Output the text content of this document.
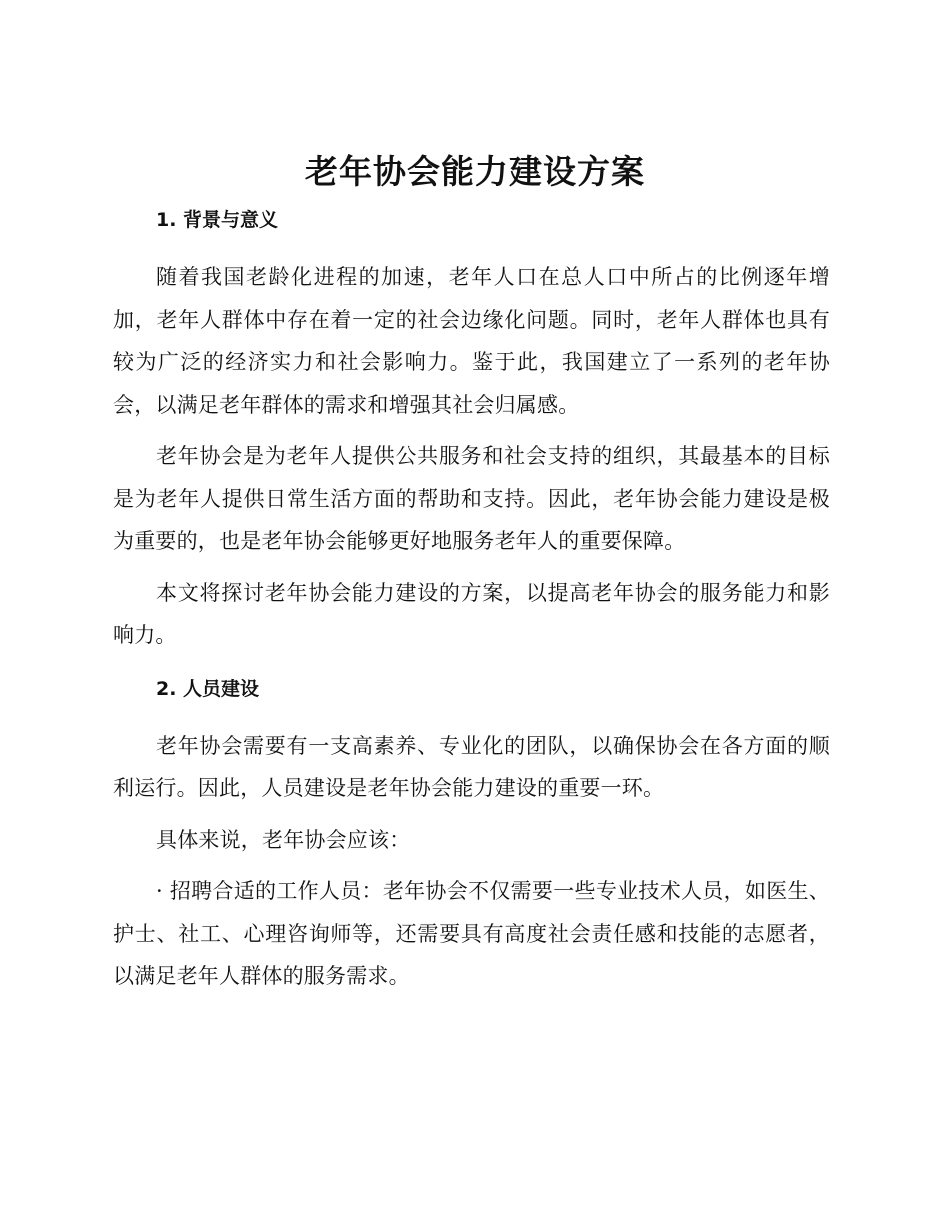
老年协会能力建设方案
1. 背景与意义

随着我国老龄化进程的加速，老年人口在总人口中所占的比例逐年增加，老年人群体中存在着一定的社会边缘化问题。同时，老年人群体也具有较为广泛的经济实力和社会影响力。鉴于此，我国建立了一系列的老年协会，以满足老年群体的需求和增强其社会归属感。

老年协会是为老年人提供公共服务和社会支持的组织，其最基本的目标是为老年人提供日常生活方面的帮助和支持。因此，老年协会能力建设是极为重要的，也是老年协会能够更好地服务老年人的重要保障。

本文将探讨老年协会能力建设的方案，以提高老年协会的服务能力和影响力。

2. 人员建设

老年协会需要有一支高素养、专业化的团队，以确保协会在各方面的顺利运行。因此，人员建设是老年协会能力建设的重要一环。

具体来说，老年协会应该：

· 招聘合适的工作人员：老年协会不仅需要一些专业技术人员，如医生、护士、社工、心理咨询师等，还需要具有高度社会责任感和技能的志愿者，以满足老年人群体的服务需求。
